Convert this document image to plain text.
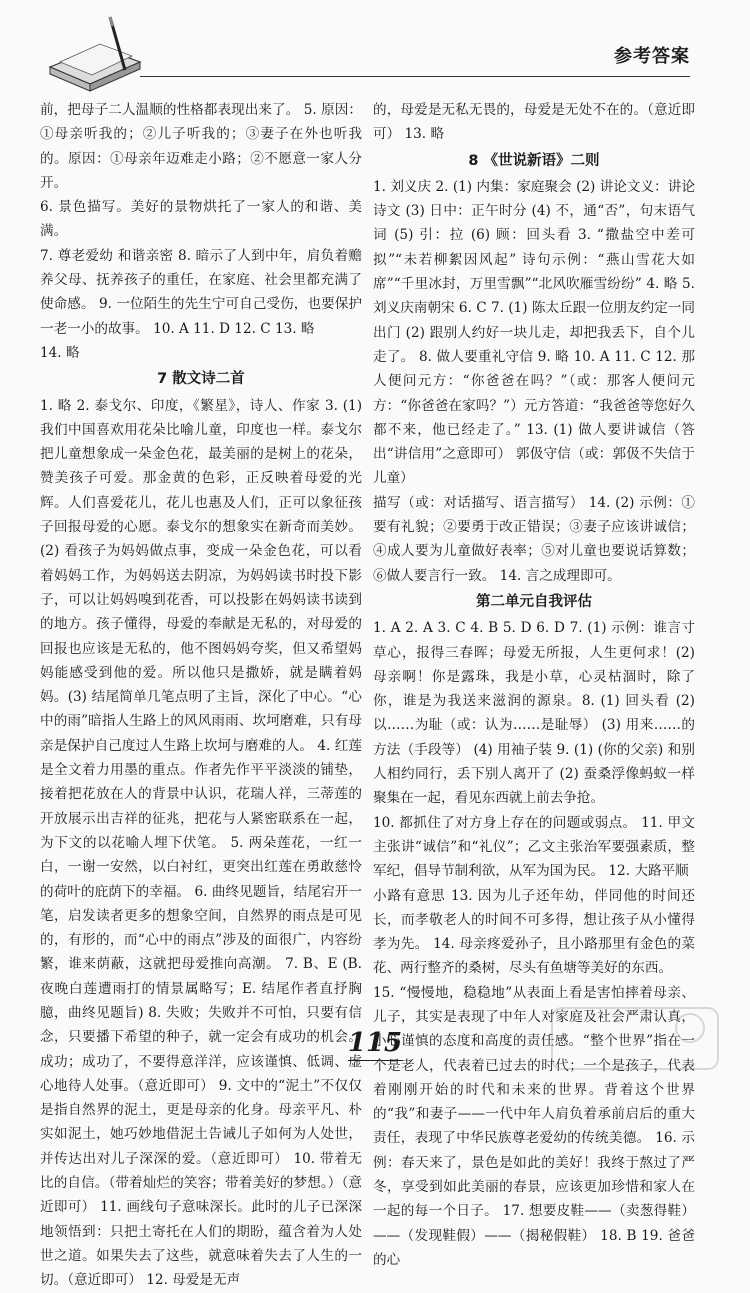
参考答案

前，把母子二人温顺的性格都表现出来了。 5. 原因：①母亲听我的；②儿子听我的；③妻子在外也听我的。原因：①母亲年迈难走小路；②不愿意一家人分开。

6. 景色描写。美好的景物烘托了一家人的和谐、美满。

7. 尊老爱幼 和谐亲密 8. 暗示了人到中年，肩负着赡养父母、抚养孩子的重任，在家庭、社会里都充满了使命感。 9. 一位陌生的先生宁可自己受伤，也要保护一老一小的故事。 10. A 11. D 12. C 13. 略

14. 略

7 散文诗二首

1. 略 2. 泰戈尔、印度，《繁星》，诗人、作家 3. (1) 我们中国喜欢用花朵比喻儿童，印度也一样。泰戈尔把儿童想象成一朵金色花，最美丽的是树上的花朵，赞美孩子可爱。那金黄的色彩，正反映着母爱的光辉。人们喜爱花儿，花儿也惠及人们，正可以象征孩子回报母爱的心愿。泰戈尔的想象实在新奇而美妙。(2) 看孩子为妈妈做点事，变成一朵金色花，可以看着妈妈工作，为妈妈送去阴凉，为妈妈读书时投下影子，可以让妈妈嗅到花香，可以投影在妈妈读书读到的地方。孩子懂得，母爱的奉献是无私的，对母爱的回报也应该是无私的，他不图妈妈夸奖，但又希望妈妈能感受到他的爱。所以他只是撒娇，就是瞒着妈妈。(3) 结尾简单几笔点明了主旨，深化了中心。“心中的雨”暗指人生路上的风风雨雨、坎坷磨难，只有母亲是保护自己度过人生路上坎坷与磨难的人。 4. 红莲是全文着力用墨的重点。作者先作平平淡淡的铺垫，接着把花放在人的背景中认识，花瑞人祥，三蒂莲的开放展示出吉祥的征兆，把花与人紧密联系在一起，为下文的以花喻人埋下伏笔。 5. 两朵莲花，一红一白，一谢一安然，以白衬红，更突出红莲在勇敢慈怜的荷叶的庇荫下的幸福。 6. 曲终见题旨，结尾宕开一笔，启发读者更多的想象空间，自然界的雨点是可见的，有形的，而“心中的雨点”涉及的面很广，内容纷繁，谁来荫蔽，这就把母爱推向高潮。 7. B、E (B. 夜晚白莲遭雨打的情景属略写；E. 结尾作者直抒胸臆，曲终见题旨) 8. 失败；失败并不可怕，只要有信念，只要播下希望的种子，就一定会有成功的机会。成功；成功了，不要得意洋洋，应该谨慎、低调、虚心地待人处事。（意近即可） 9. 文中的“泥土”不仅仅是指自然界的泥土，更是母亲的化身。母亲平凡、朴实如泥土，她巧妙地借泥土告诫儿子如何为人处世，并传达出对儿子深深的爱。（意近即可） 10. 带着无比的自信。（带着灿烂的笑容；带着美好的梦想。）（意近即可） 11. 画线句子意味深长。此时的儿子已深深地领悟到：只把土寄托在人们的期盼，蕴含着为人处世之道。如果失去了这些，就意味着失去了人生的一切。（意近即可） 12. 母爱是无声

的，母爱是无私无畏的，母爱是无处不在的。（意近即可） 13. 略

8 《世说新语》二则

1. 刘义庆 2. (1) 内集：家庭聚会 (2) 讲论文义：讲论诗文 (3) 日中：正午时分 (4) 不，通“否”，句末语气词 (5) 引：拉 (6) 顾：回头看 3. “撒盐空中差可拟”“未若柳絮因风起” 诗句示例：“燕山雪花大如席”“千里冰封，万里雪飘”“北风吹雁雪纷纷” 4. 略 5. 刘义庆南朝宋 6. C 7. (1) 陈太丘跟一位朋友约定一同出门 (2) 跟别人约好一块儿走，却把我丢下，自个儿走了。 8. 做人要重礼守信 9. 略 10. A 11. C 12. 那人便问元方：“你爸爸在吗？”（或：那客人便问元方：“你爸爸在家吗？”）元方答道：“我爸爸等您好久都不来，他已经走了。” 13. (1) 做人要讲诚信（答出“讲信用”之意即可） 郭伋守信（或：郭伋不失信于儿童）

描写（或：对话描写、语言描写） 14. (2) 示例：①要有礼貌；②要勇于改正错误；③妻子应该讲诚信；④成人要为儿童做好表率；⑤对儿童也要说话算数；⑥做人要言行一致。 14. 言之成理即可。

第二单元自我评估

1. A 2. A 3. C 4. B 5. D 6. D 7. (1) 示例：谁言寸草心，报得三春晖；母爱无所报，人生更何求！(2) 母亲啊！你是露珠，我是小草，心灵枯涸时，除了你，谁是为我送来滋润的源泉。8. (1) 回头看 (2) 以……为耻（或：认为……是耻辱） (3) 用来……的方法（手段等） (4) 用袖子装 9. (1) (你的父亲) 和别人相约同行，丢下别人离开了 (2) 蚕桑浮像蚂蚁一样聚集在一起，看见东西就上前去争抢。

10. 都抓住了对方身上存在的问题或弱点。 11. 甲文主张讲“诚信”和“礼仪”；乙文主张治军要强素质，整军纪，倡导节制利欲，从军为国为民。 12. 大路平顺

小路有意思 13. 因为儿子还年幼，伴同他的时间还长，而孝敬老人的时间不可多得，想让孩子从小懂得孝为先。 14. 母亲疼爱孙子，且小路那里有金色的菜花、两行整齐的桑树，尽头有鱼塘等美好的东西。

15. “慢慢地，稳稳地”从表面上看是害怕摔着母亲、儿子，其实是表现了中年人对家庭及社会严肃认真，小心谨慎的态度和高度的责任感。“整个世界”指在一个是老人，代表着已过去的时代；一个是孩子，代表着刚刚开始的时代和未来的世界。背着这个世界的“我”和妻子——一代中年人肩负着承前启后的重大责任，表现了中华民族尊老爱幼的传统美德。 16. 示例：春天来了，景色是如此的美好！我终于熬过了严冬，享受到如此美丽的春景，应该更加珍惜和家人在一起的每一个日子。 17. 想要皮鞋——（卖葱得鞋）——（发现鞋假）——（揭秘假鞋） 18. B 19. 爸爸的心

115
